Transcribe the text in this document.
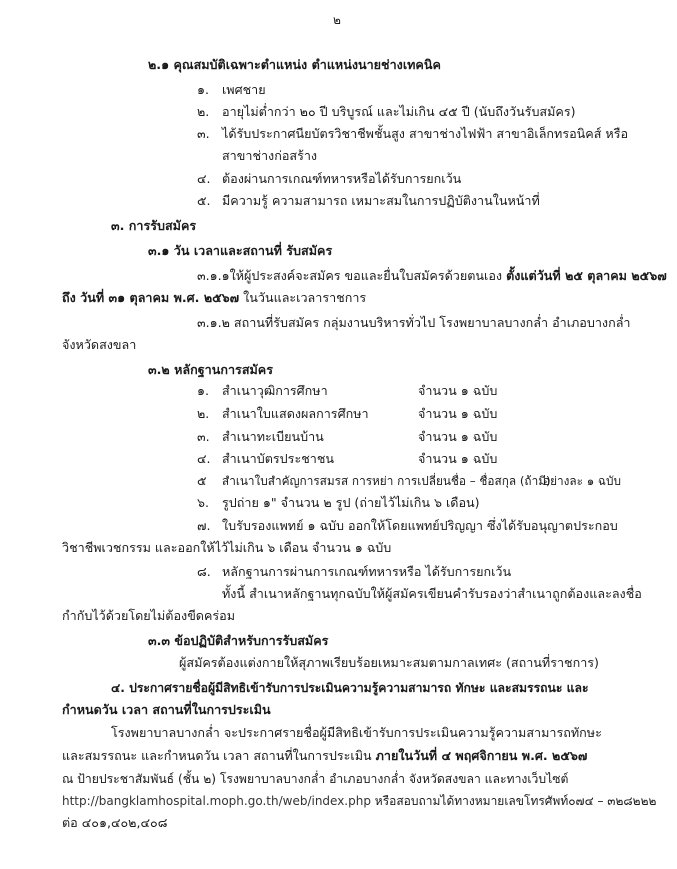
๒
๒.๑ คุณสมบัติเฉพาะตำแหน่ง ตำแหน่งนายช่างเทคนิค
๑. เพศชาย
๒. อายุไม่ต่ำกว่า ๒๐ ปี บริบูรณ์ และไม่เกิน ๔๕ ปี (นับถึงวันรับสมัคร)
๓. ได้รับประกาศนียบัตรวิชาชีพชั้นสูง สาขาช่างไฟฟ้า สาขาอิเล็กทรอนิคส์ หรือ
สาขาช่างก่อสร้าง
๔. ต้องผ่านการเกณฑ์ทหารหรือได้รับการยกเว้น
๕. มีความรู้ ความสามารถ เหมาะสมในการปฏิบัติงานในหน้าที่
๓. การรับสมัคร
๓.๑ วัน เวลาและสถานที่ รับสมัคร
๓.๑.๑ให้ผู้ประสงค์จะสมัคร ขอและยื่นใบสมัครด้วยตนเอง ตั้งแต่วันที่ ๒๕ ตุลาคม ๒๕๖๗
ถึง วันที่ ๓๑ ตุลาคม พ.ศ. ๒๕๖๗ ในวันและเวลาราชการ
๓.๑.๒ สถานที่รับสมัคร กลุ่มงานบริหารทั่วไป โรงพยาบาลบางกล่ำ อำเภอบางกล่ำ
จังหวัดสงขลา
๓.๒ หลักฐานการสมัคร
๑. สำเนาวุฒิการศึกษา	จำนวน ๑ ฉบับ
๒. สำเนาใบแสดงผลการศึกษา	จำนวน ๑ ฉบับ
๓. สำเนาทะเบียนบ้าน	จำนวน ๑ ฉบับ
๔. สำเนาบัตรประชาชน	จำนวน ๑ ฉบับ
๕ สำเนาใบสำคัญการสมรส การหย่า การเปลี่ยนชื่อ – ชื่อสกุล (ถ้ามี)
อย่างละ ๑ ฉบับ
๖. รูปถ่าย ๑" จำนวน ๒ รูป (ถ่ายไว้ไม่เกิน ๖ เดือน)
๗. ใบรับรองแพทย์ ๑ ฉบับ ออกให้โดยแพทย์ปริญญา ซึ่งได้รับอนุญาตประกอบ
วิชาชีพเวชกรรม และออกให้ไว้ไม่เกิน ๖ เดือน จำนวน ๑ ฉบับ
๘. หลักฐานการผ่านการเกณฑ์ทหารหรือ ได้รับการยกเว้น
ทั้งนี้ สำเนาหลักฐานทุกฉบับให้ผู้สมัครเขียนคำรับรองว่าสำเนาถูกต้องและลงชื่อ
กำกับไว้ด้วยโดยไม่ต้องขีดคร่อม
๓.๓ ข้อปฏิบัติสำหรับการรับสมัคร
ผู้สมัครต้องแต่งกายให้สุภาพเรียบร้อยเหมาะสมตามกาลเทศะ (สถานที่ราชการ)
๔. ประกาศรายชื่อผู้มีสิทธิเข้ารับการประเมินความรู้ความสามารถ ทักษะ และสมรรถนะ และ
กำหนดวัน เวลา สถานที่ในการประเมิน
โรงพยาบาลบางกล่ำ จะประกาศรายชื่อผู้มีสิทธิเข้ารับการประเมินความรู้ความสามารถทักษะ
และสมรรถนะ และกำหนดวัน เวลา สถานที่ในการประเมิน ภายในวันที่ ๔ พฤศจิกายน พ.ศ. ๒๕๖๗
ณ ป้ายประชาสัมพันธ์ (ชั้น ๒) โรงพยาบาลบางกล่ำ อำเภอบางกล่ำ จังหวัดสงขลา และทางเว็บไซต์
http://bangklamhospital.moph.go.th/web/index.php หรือสอบถามได้ทางหมายเลขโทรศัพท์๐๗๔ – ๓๒๘๒๒๒
ต่อ ๔๐๑,๔๐๒,๔๐๘
